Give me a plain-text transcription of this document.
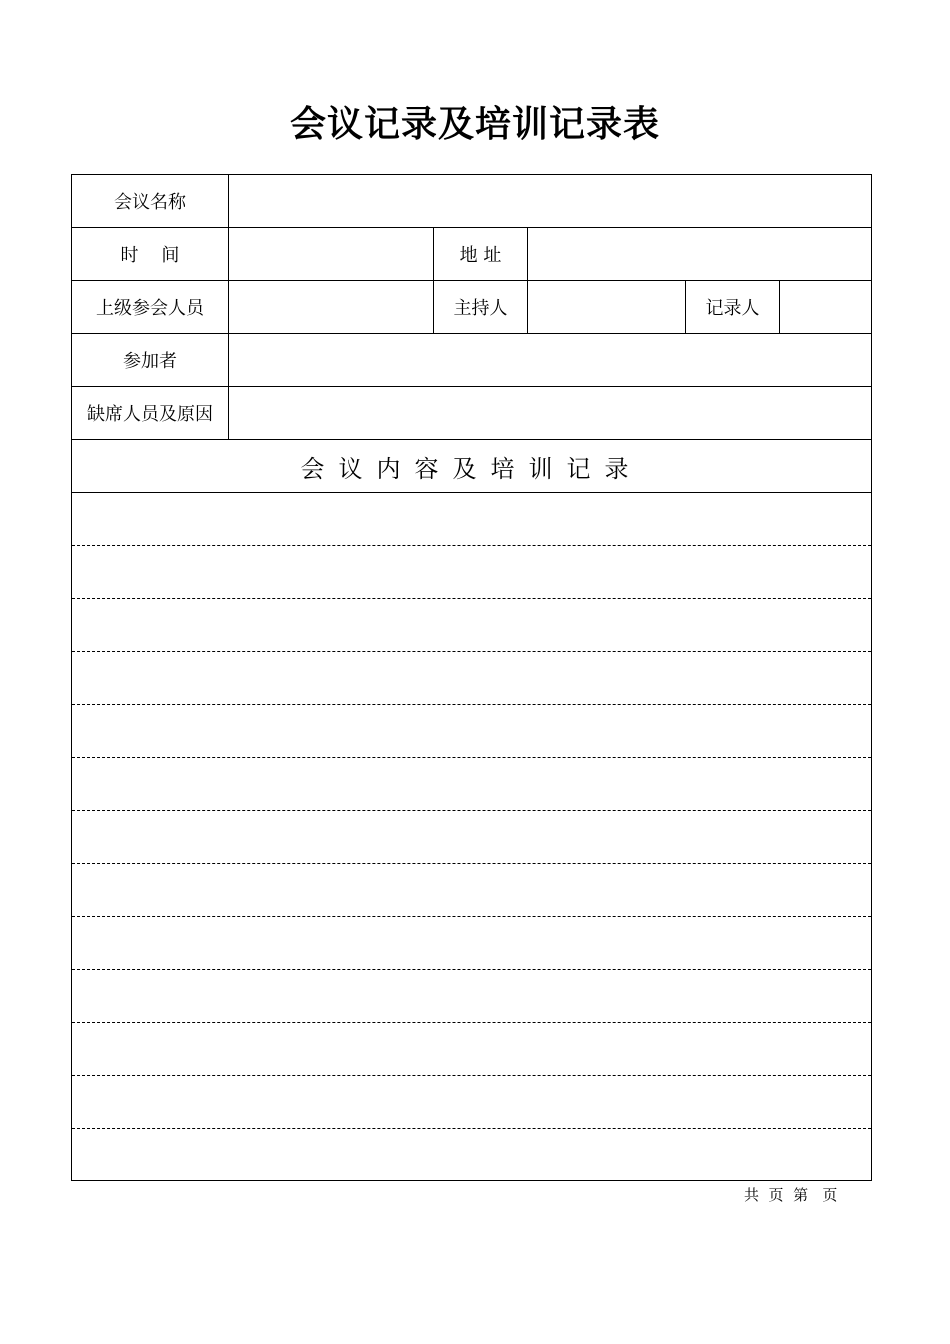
会议记录及培训记录表
会议名称
时    间	地 址
上级参会人员	主持人	记录人
参加者
缺席人员及原因
会议内容及培训记录
共  页  第   页
